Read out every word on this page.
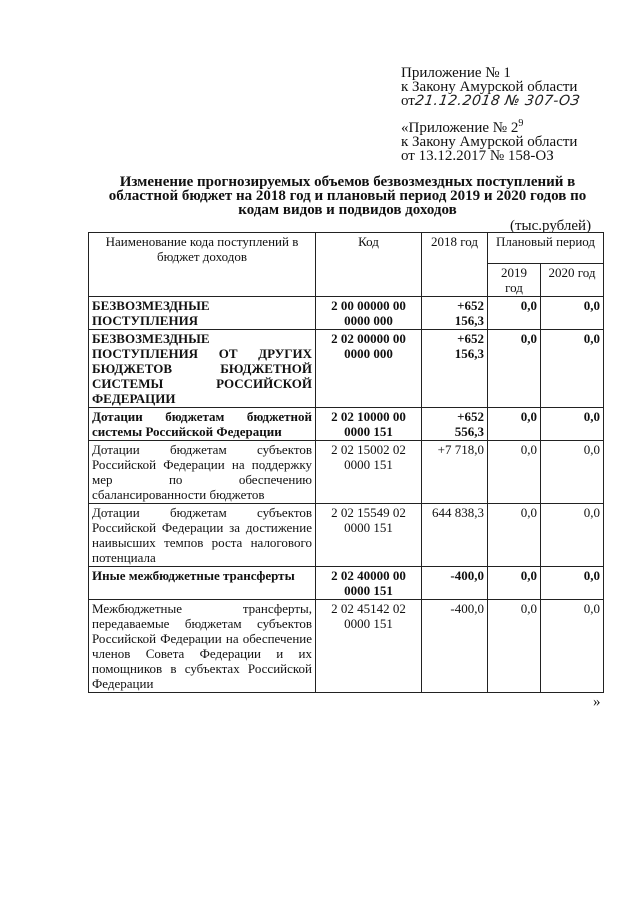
Приложение № 1
к Закону Амурской области
от
21.12.2018 № 307-ОЗ
«Приложение № $2^9$
к Закону Амурской области
от 13.12.2017 № 158-ОЗ
Изменение прогнозируемых объемов безвозмездных поступлений в областной бюджет на 2018 год и плановый период 2019 и 2020 годов по кодам видов и подвидов доходов
(тыс.рублей)
Наименование кода поступлений в бюджет доходов	Код	2018 год	Плановый период	
			2019 год	2020 год
БЕЗВОЗМЕЗДНЫЕ ПОСТУПЛЕНИЯ	2 00 00000 00 0000 000	+652 156,3	0,0	0,0
БЕЗВОЗМЕЗДНЫЕ ПОСТУПЛЕНИЯ ОТ ДРУГИХ БЮДЖЕТОВ БЮДЖЕТНОЙ СИСТЕМЫ РОССИЙСКОЙ ФЕДЕРАЦИИ	2 02 00000 00 0000 000	+652 156,3	0,0	0,0
Дотации бюджетам бюджетной системы Российской Федерации	2 02 10000 00 0000 151	+652 556,3	0,0	0,0
Дотации бюджетам субъектов Российской Федерации на поддержку мер по обеспечению сбалансированности бюджетов	2 02 15002 02 0000 151	+7 718,0	0,0	0,0
Дотации бюджетам субъектов Российской Федерации за достижение наивысших темпов роста налогового потенциала	2 02 15549 02 0000 151	644 838,3	0,0	0,0
Иные межбюджетные трансферты	2 02 40000 00 0000 151	-400,0	0,0	0,0
Межбюджетные трансферты, передаваемые бюджетам субъектов Российской Федерации на обеспечение членов Совета Федерации и их помощников в субъектах Российской Федерации	2 02 45142 02 0000 151	-400,0	0,0	0,0
»
